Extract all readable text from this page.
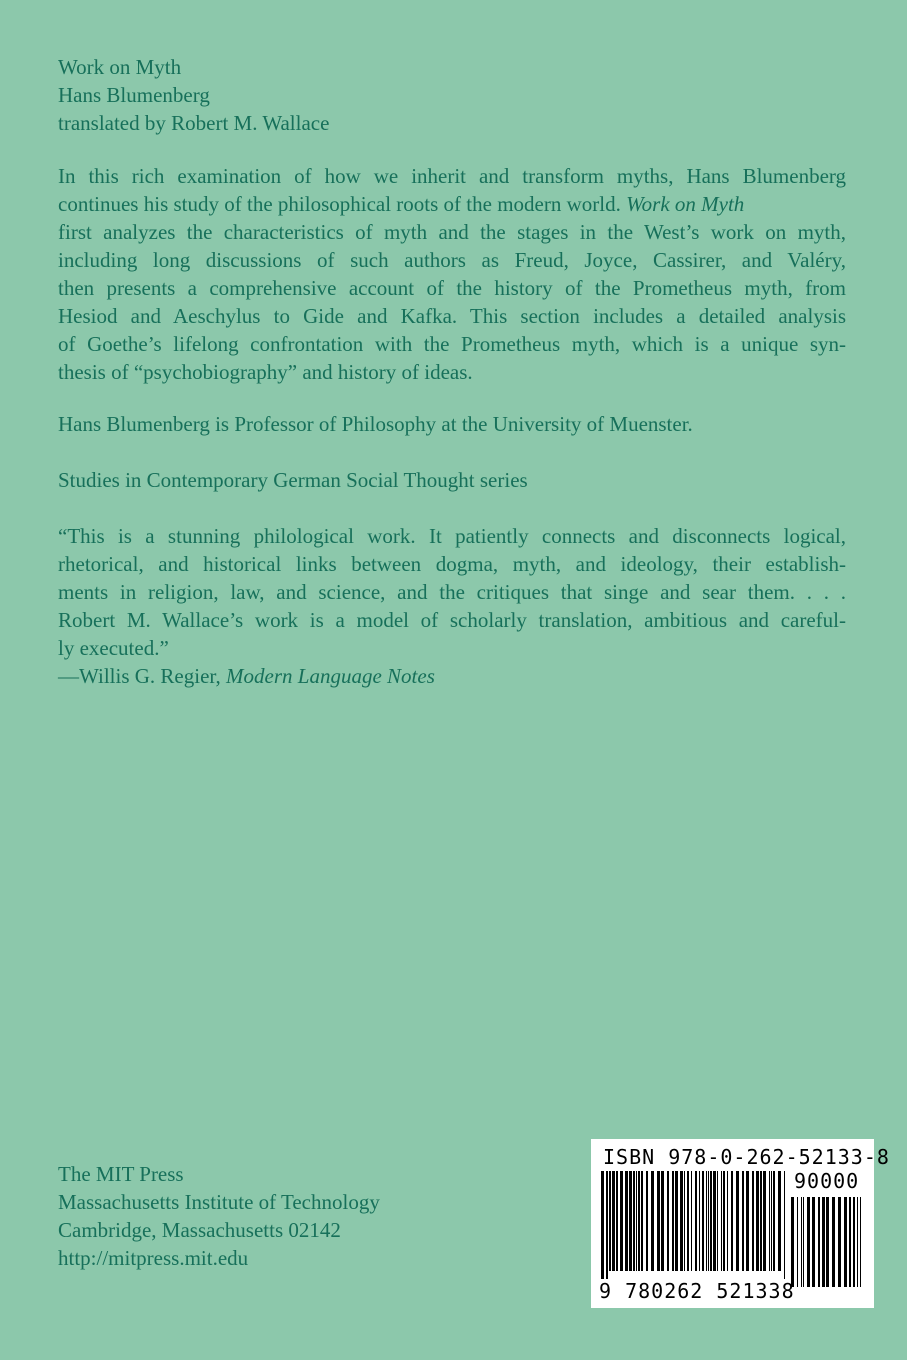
Work on Myth
Hans Blumenberg
translated by Robert M. Wallace
In this rich examination of how we inherit and transform myths, Hans Blumenberg
continues his study of the philosophical roots of the modern world. Work on Myth
first analyzes the characteristics of myth and the stages in the West’s work on myth,
including long discussions of such authors as Freud, Joyce, Cassirer, and Valéry,
then presents a comprehensive account of the history of the Prometheus myth, from
Hesiod and Aeschylus to Gide and Kafka. This section includes a detailed analysis
of Goethe’s lifelong confrontation with the Prometheus myth, which is a unique syn-
thesis of “psychobiography” and history of ideas.
Hans Blumenberg is Professor of Philosophy at the University of Muenster.
Studies in Contemporary German Social Thought series
“This is a stunning philological work. It patiently connects and disconnects logical,
rhetorical, and historical links between dogma, myth, and ideology, their establish-
ments in religion, law, and science, and the critiques that singe and sear them. . . .
Robert M. Wallace’s work is a model of scholarly translation, ambitious and careful-
ly executed.”
—Willis G. Regier, Modern Language Notes
The MIT Press
Massachusetts Institute of Technology
Cambridge, Massachusetts 02142
http://mitpress.mit.edu
ISBN 978-0-262-52133-8
90000
9 780262 521338
